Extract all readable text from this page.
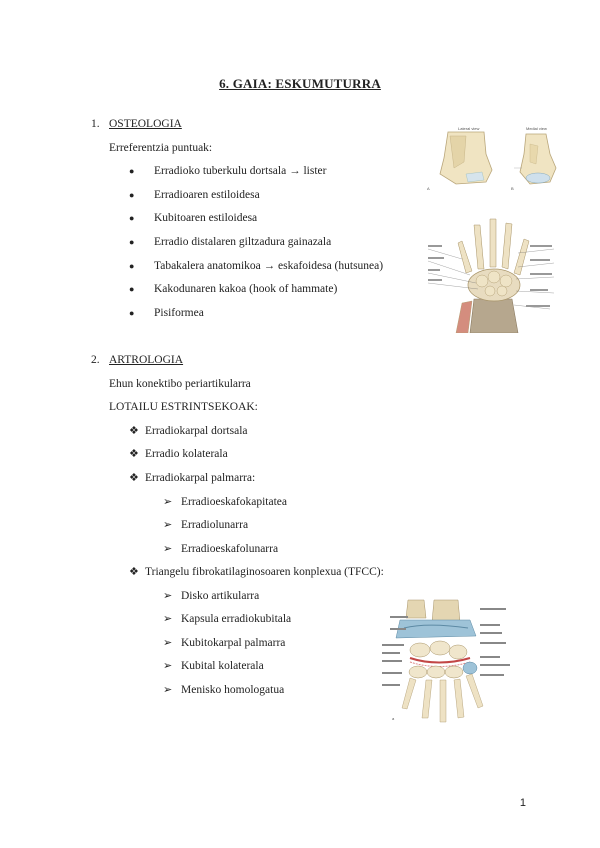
6. GAIA: ESKUMUTURRA
1. OSTEOLOGIA
Erreferentzia puntuak:
● Erradioko tuberkulu dortsala → lister
● Erradioaren estiloidesa
● Kubitoaren estiloidesa
● Erradio distalaren giltzadura gainazala
● Tabakalera anatomikoa → eskafoidesa (hutsunea)
● Kakodunaren kakoa (hook of hammate)
● Pisiformea
2. ARTROLOGIA
Ehun konektibo periartikularra
LOTAILU ESTRINTSEKOAK:
❖ Erradiokarpal dortsala
❖ Erradio kolaterala
❖ Erradiokarpal palmarra:
➢ Erradioeskafokapitatea
➢ Erradiolunarra
➢ Erradioeskafolunarra
❖ Triangelu fibrokatilaginosoaren konplexua (TFCC):
➢ Disko artikularra
➢ Kapsula erradiokubitala
➢ Kubitokarpal palmarra
➢ Kubital kolaterala
➢ Menisko homologatua
Lateral view	Medial view
A	B
a
1
